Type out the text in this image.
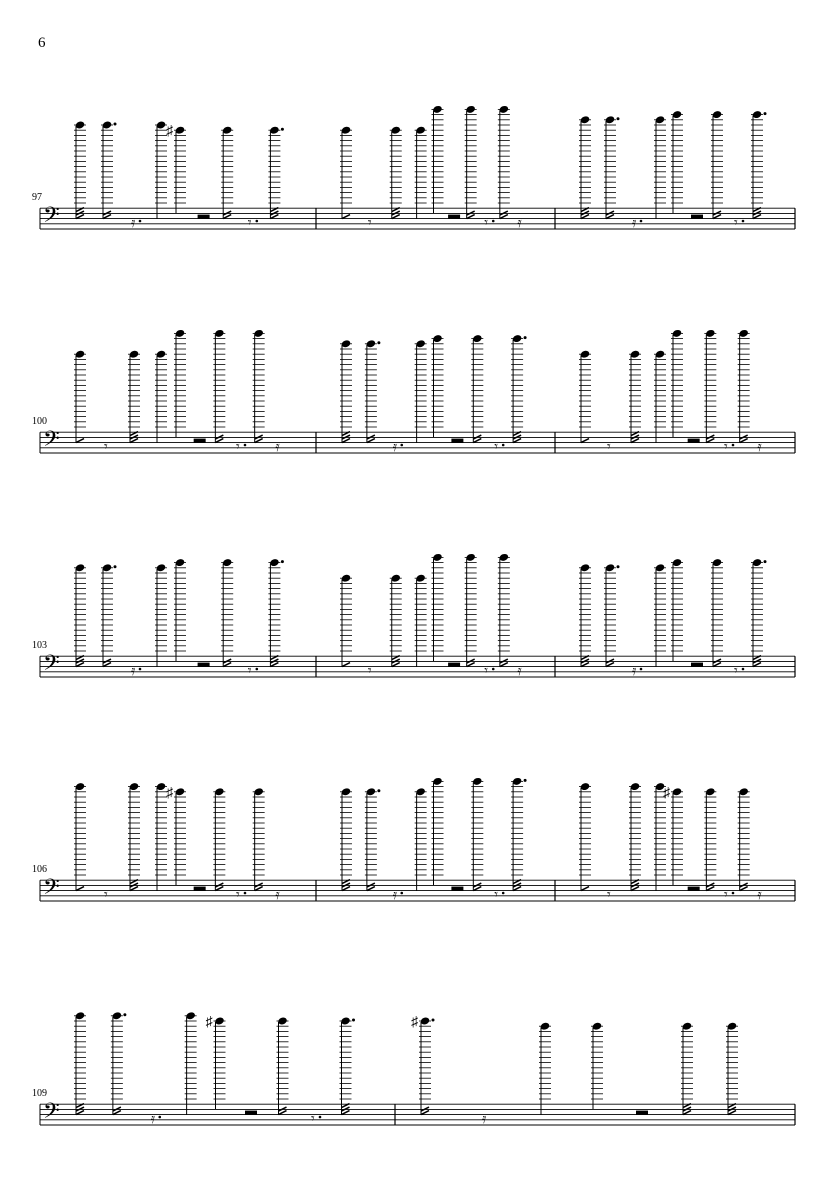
6
97
𝄢	𝄿
♯
𝄾	𝄾	𝄾 𝄿	𝄿	𝄾
100
𝄢	𝄾	𝄾	𝄿	𝄿	𝄾	𝄾	𝄾 𝄿
103
𝄢	𝄿	𝄾	𝄾	𝄾 𝄿	𝄿	𝄾
106
𝄢	𝄾
♯
𝄾	𝄿	𝄿	𝄾	𝄾
♯
𝄾 𝄿
109
𝄢	𝄿
♯
𝄾
♯
𝄿
